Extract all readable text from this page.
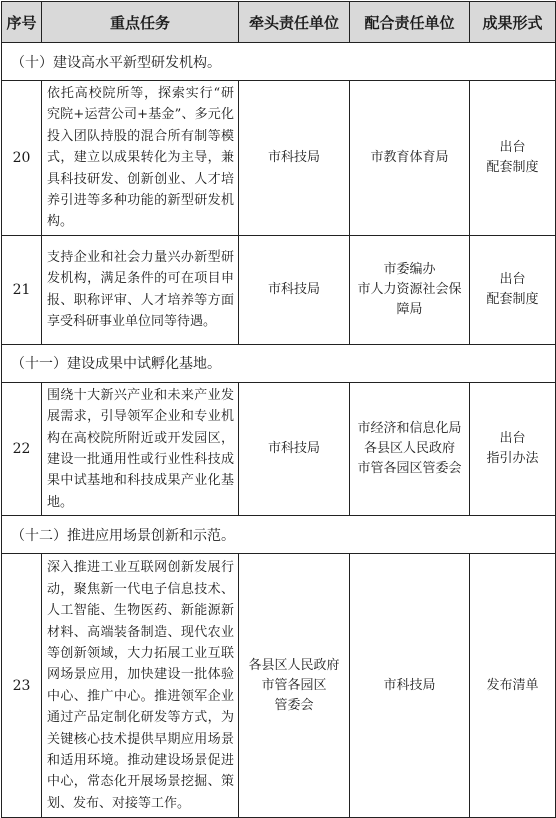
序号	重点任务	牵头责任单位	配合责任单位	成果形式
（十）建设高水平新型研发机构。				
20	依托高校院所等，探索实行“研究院+运营公司+基金”、多元化投入团队持股的混合所有制等模式，建立以成果转化为主导，兼具科技研发、创新创业、人才培养引进等多种功能的新型研发机构。	市科技局	市教育体育局	出台
配套制度

21	支持企业和社会力量兴办新型研发机构，满足条件的可在项目申报、职称评审、人才培养等方面享受科研事业单位同等待遇。	市科技局	市委编办
市人力资源社会保
障局	出台
配套制度

（十一）建设成果中试孵化基地。				
22	围绕十大新兴产业和未来产业发展需求，引导领军企业和专业机构在高校院所附近或开发园区，建设一批通用性或行业性科技成果中试基地和科技成果产业化基地。	市科技局	市经济和信息化局
各县区人民政府
市管各园区管委会	出台
指引办法

（十二）推进应用场景创新和示范。				
23	深入推进工业互联网创新发展行动，聚焦新一代电子信息技术、人工智能、生物医药、新能源新材料、高端装备制造、现代农业等创新领域，大力拓展工业互联网场景应用，加快建设一批体验中心、推广中心。推进领军企业通过产品定制化研发等方式，为关键核心技术提供早期应用场景和适用环境。推动建设场景促进中心，常态化开展场景挖掘、策划、发布、对接等工作。	各县区人民政府
市管各园区
管委会	市科技局	发布清单
